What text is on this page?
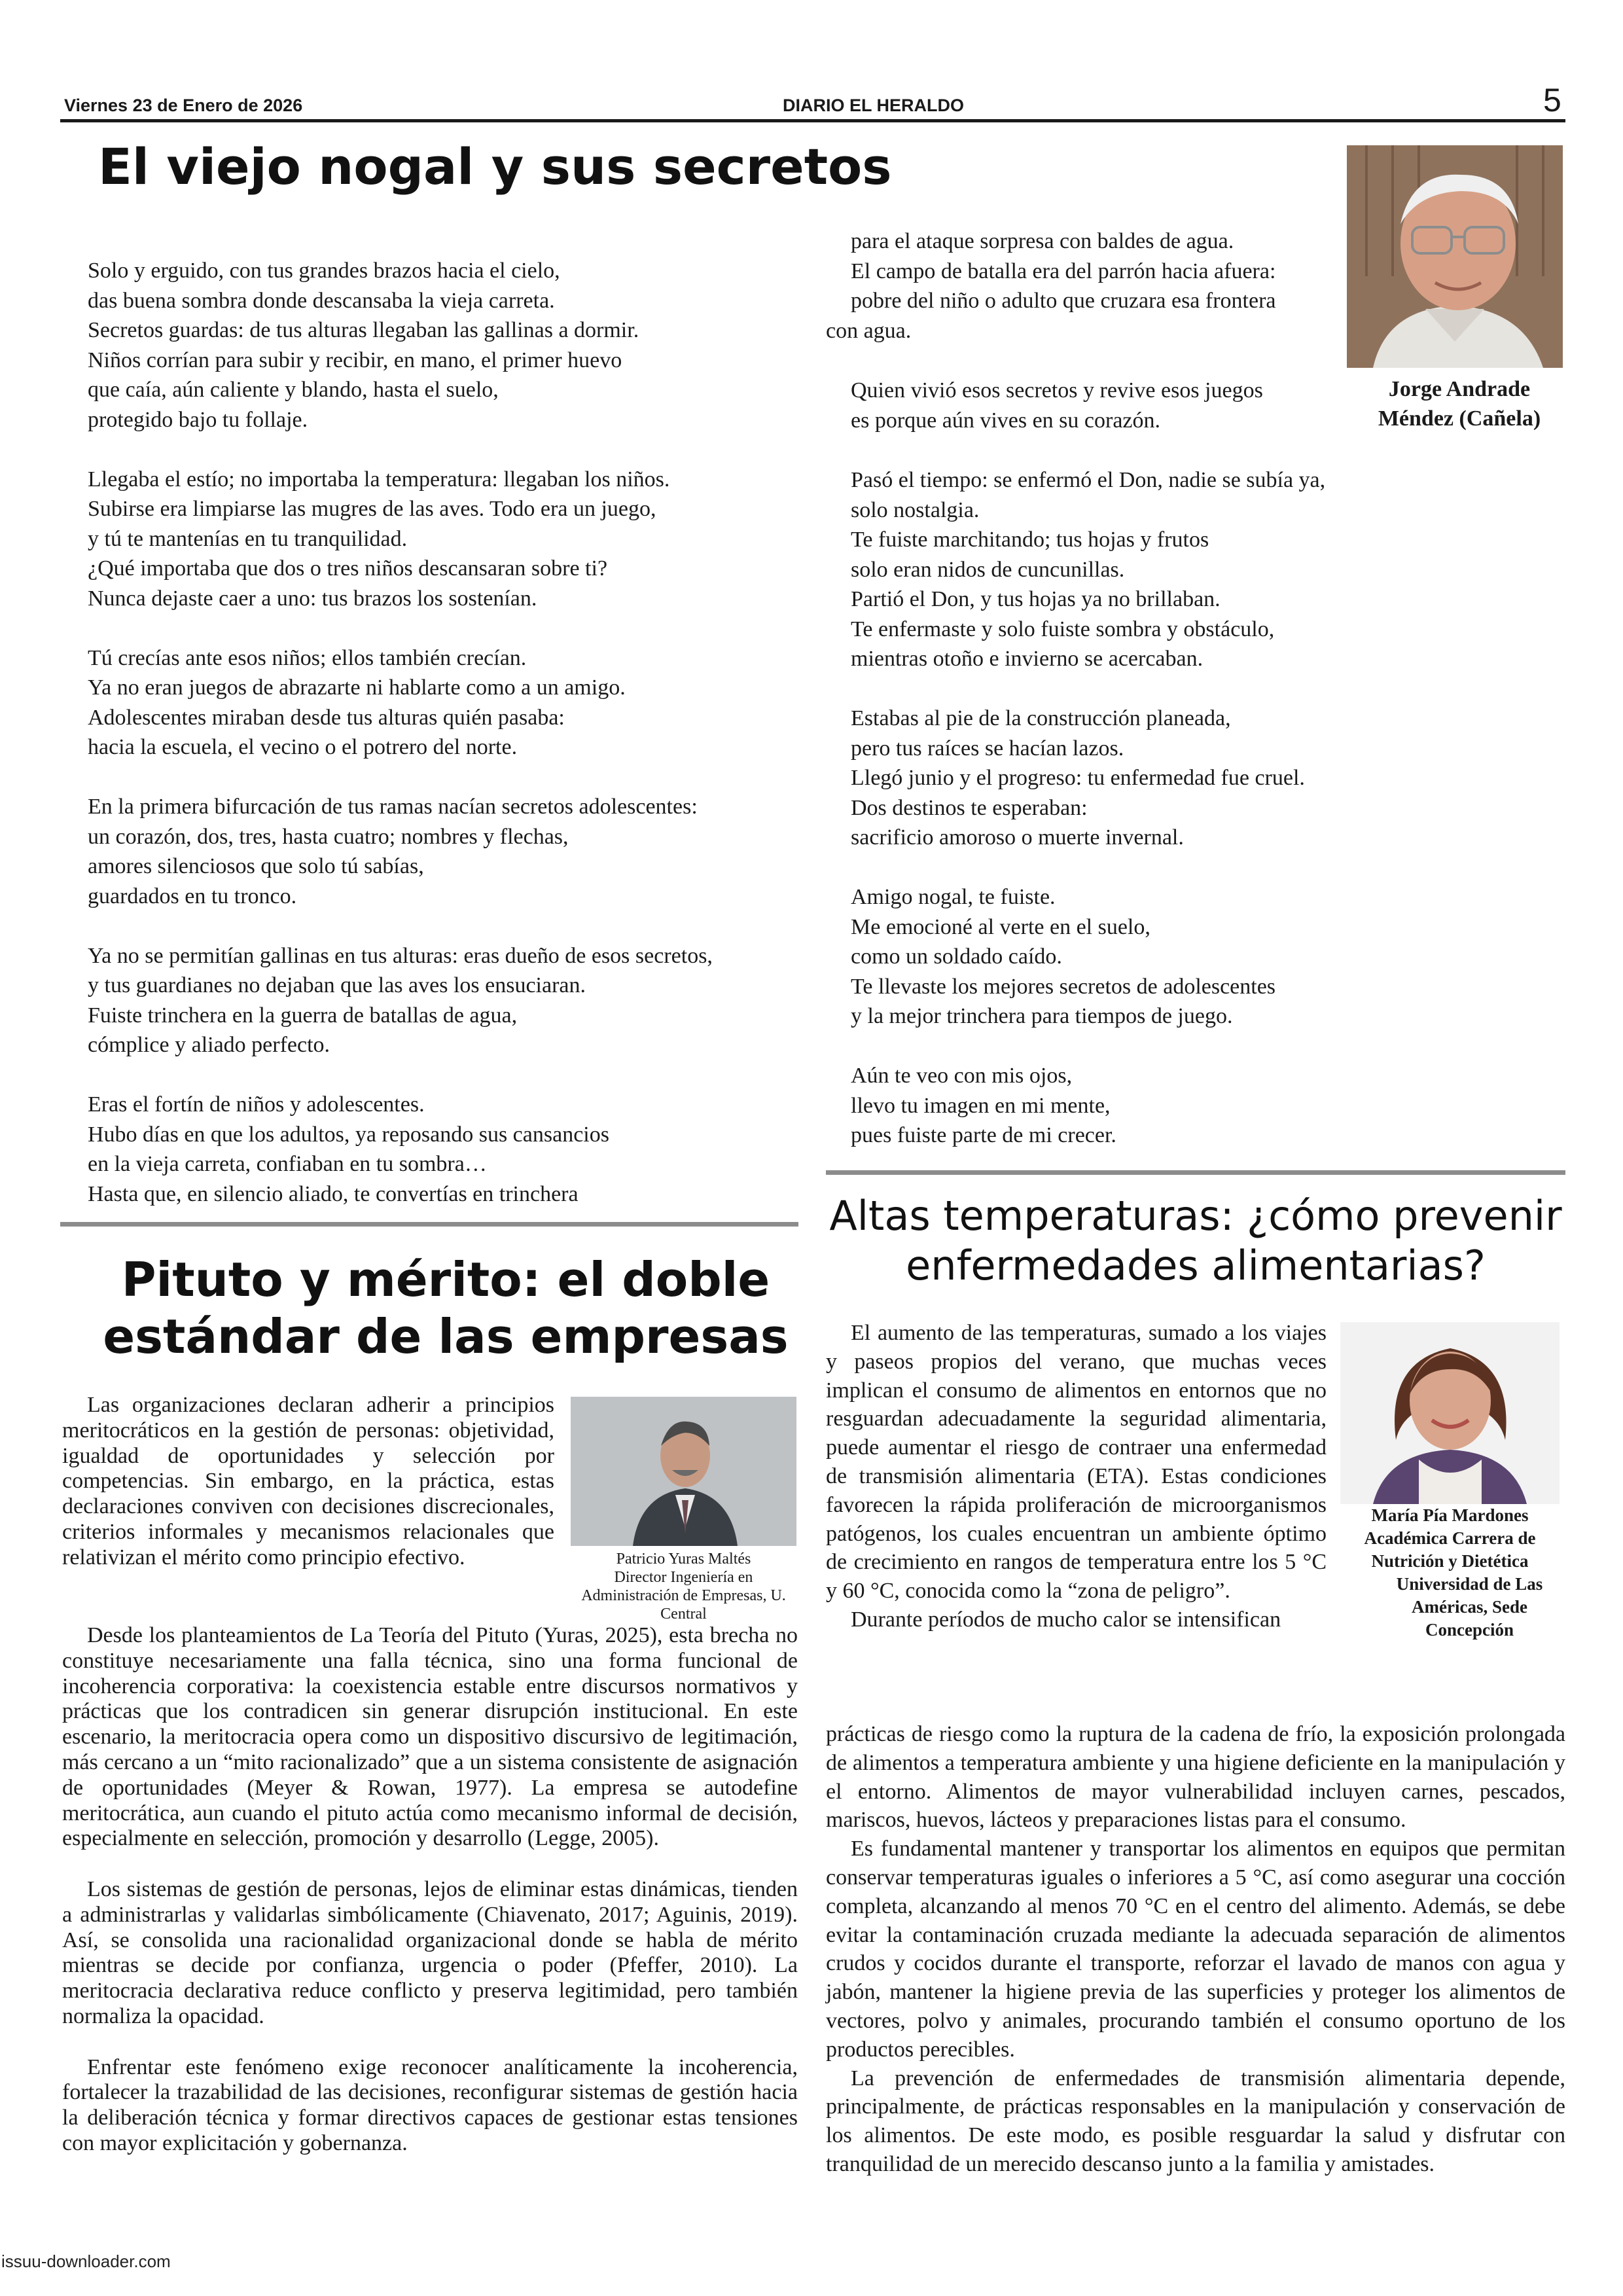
Viernes 23 de Enero de 2026	DIARIO EL HERALDO	5
El viejo nogal y sus secretos

Solo y erguido, con tus grandes brazos hacia el cielo,

das buena sombra donde descansaba la vieja carreta.

Secretos guardas: de tus alturas llegaban las gallinas a dormir.

Niños corrían para subir y recibir, en mano, el primer huevo

que caía, aún caliente y blando, hasta el suelo,

protegido bajo tu follaje.

Llegaba el estío; no importaba la temperatura: llegaban los niños.

Subirse era limpiarse las mugres de las aves. Todo era un juego,

y tú te mantenías en tu tranquilidad.

¿Qué importaba que dos o tres niños descansaran sobre ti?

Nunca dejaste caer a uno: tus brazos los sostenían.

Tú crecías ante esos niños; ellos también crecían.

Ya no eran juegos de abrazarte ni hablarte como a un amigo.

Adolescentes miraban desde tus alturas quién pasaba:

hacia la escuela, el vecino o el potrero del norte.

En la primera bifurcación de tus ramas nacían secretos adolescentes:

un corazón, dos, tres, hasta cuatro; nombres y flechas,

amores silenciosos que solo tú sabías,

guardados en tu tronco.

Ya no se permitían gallinas en tus alturas: eras dueño de esos secretos,

y tus guardianes no dejaban que las aves los ensuciaran.

Fuiste trinchera en la guerra de batallas de agua,

cómplice y aliado perfecto.

Eras el fortín de niños y adolescentes.

Hubo días en que los adultos, ya reposando sus cansancios

en la vieja carreta, confiaban en tu sombra…

Hasta que, en silencio aliado, te convertías en trinchera

para el ataque sorpresa con baldes de agua.

El campo de batalla era del parrón hacia afuera:

pobre del niño o adulto que cruzara esa frontera

con agua.

Quien vivió esos secretos y revive esos juegos

es porque aún vives en su corazón.

Pasó el tiempo: se enfermó el Don, nadie se subía ya,

solo nostalgia.

Te fuiste marchitando; tus hojas y frutos

solo eran nidos de cuncunillas.

Partió el Don, y tus hojas ya no brillaban.

Te enfermaste y solo fuiste sombra y obstáculo,

mientras otoño e invierno se acercaban.

Estabas al pie de la construcción planeada,

pero tus raíces se hacían lazos.

Llegó junio y el progreso: tu enfermedad fue cruel.

Dos destinos te esperaban:

sacrificio amoroso o muerte invernal.

Amigo nogal, te fuiste.

Me emocioné al verte en el suelo,

como un soldado caído.

Te llevaste los mejores secretos de adolescentes

y la mejor trinchera para tiempos de juego.

Aún te veo con mis ojos,

llevo tu imagen en mi mente,

pues fuiste parte de mi crecer.

Jorge Andrade
Méndez (Cañela)
Pituto y mérito: el doble
estándar de las empresas

Las organizaciones declaran adherir a principios meritocráticos en la gestión de personas: objetividad, igualdad de oportunidades y selección por competencias. Sin embargo, en la práctica, estas declaraciones conviven con decisiones discrecionales, criterios informales y mecanismos relacionales que relativizan el mérito como principio efectivo.	Patricio Yuras Maltés
Director Ingeniería en Administración de Empresas, U. Central

Desde los planteamientos de La Teoría del Pituto (Yuras, 2025), esta brecha no constituye necesariamente una falla técnica, sino una forma funcional de incoherencia corporativa: la coexistencia estable entre discursos normativos y prácticas que los contradicen sin generar disrupción institucional. En este escenario, la meritocracia opera como un dispositivo discursivo de legitimación, más cercano a un “mito racionalizado” que a un sistema consistente de asignación de oportunidades (Meyer & Rowan, 1977). La empresa se autodefine meritocrática, aun cuando el pituto actúa como mecanismo informal de decisión, especialmente en selección, promoción y desarrollo (Legge, 2005).

Los sistemas de gestión de personas, lejos de eliminar estas dinámicas, tienden a administrarlas y validarlas simbólicamente (Chiavenato, 2017; Aguinis, 2019). Así, se consolida una racionalidad organizacional donde se habla de mérito mientras se decide por confianza, urgencia o poder (Pfeffer, 2010). La meritocracia declarativa reduce conflicto y preserva legitimidad, pero también normaliza la opacidad.

Enfrentar este fenómeno exige reconocer analíticamente la incoherencia, fortalecer la trazabilidad de las decisiones, reconfigurar sistemas de gestión hacia la deliberación técnica y formar directivos capaces de gestionar estas tensiones con mayor explicitación y gobernanza.

Altas temperaturas: ¿cómo prevenir
enfermedades alimentarias?

El aumento de las temperaturas, sumado a los viajes y paseos propios del verano, que muchas veces implican el consumo de alimentos en entornos que no resguardan adecuadamente la seguridad alimentaria, puede aumentar el riesgo de contraer una enfermedad de transmisión alimentaria (ETA). Estas condiciones favorecen la rápida proliferación de microorganismos patógenos, los cuales encuentran un ambiente óptimo de crecimiento en rangos de temperatura entre los 5 °C y 60 °C, conocida como la “zona de peligro”.

Durante períodos de mucho calor se intensifican

María Pía Mardones
Académica Carrera de
Nutrición y Dietética
Universidad de Las
Américas, Sede
Concepción

prácticas de riesgo como la ruptura de la cadena de frío, la exposición prolongada de alimentos a temperatura ambiente y una higiene deficiente en la manipulación y el entorno. Alimentos de mayor vulnerabilidad incluyen carnes, pescados, mariscos, huevos, lácteos y preparaciones listas para el consumo.

Es fundamental mantener y transportar los alimentos en equipos que permitan conservar temperaturas iguales o inferiores a 5 °C, así como asegurar una cocción completa, alcanzando al menos 70 °C en el centro del alimento. Además, se debe evitar la contaminación cruzada mediante la adecuada separación de alimentos crudos y cocidos durante el transporte, reforzar el lavado de manos con agua y jabón, mantener la higiene previa de las superficies y proteger los alimentos de vectores, polvo y animales, procurando también el consumo oportuno de los productos perecibles.

La prevención de enfermedades de transmisión alimentaria depende, principalmente, de prácticas responsables en la manipulación y conservación de los alimentos. De este modo, es posible resguardar la salud y disfrutar con tranquilidad de un merecido descanso junto a la familia y amistades.

issuu-downloader.com
